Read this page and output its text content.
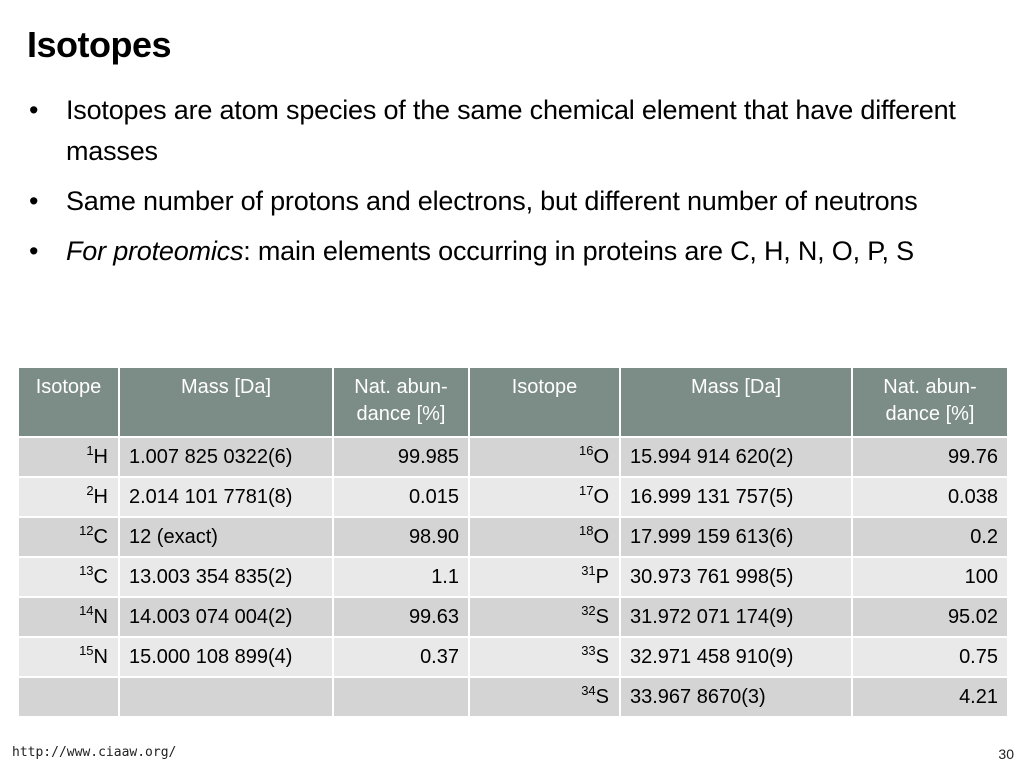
Isotopes
• Isotopes are atom species of the same chemical element that have different masses
• Same number of protons and electrons, but different number of neutrons
• For proteomics: main elements occurring in proteins are C, H, N, O, P, S
Isotope	Mass [Da]	Nat. abun-dance [%]	Isotope	Mass [Da]	Nat. abun-dance [%]
$^1$H	1.007 825 0322(6)	99.985	$^{16}$O	15.994 914 620(2)	99.76
$^2$H	2.014 101 7781(8)	0.015	$^{17}$O	16.999 131 757(5)	0.038
$^{12}$C	12 (exact)	98.90	$^{18}$O	17.999 159 613(6)	0.2
$^{13}$C	13.003 354 835(2)	1.1	$^{31}$P	30.973 761 998(5)	100
$^{14}$N	14.003 074 004(2)	99.63	$^{32}$S	31.972 071 174(9)	95.02
$^{15}$N	15.000 108 899(4)	0.37	$^{33}$S	32.971 458 910(9)	0.75
			$^{34}$S	33.967 8670(3)	4.21
http://www.ciaaw.org/	30
